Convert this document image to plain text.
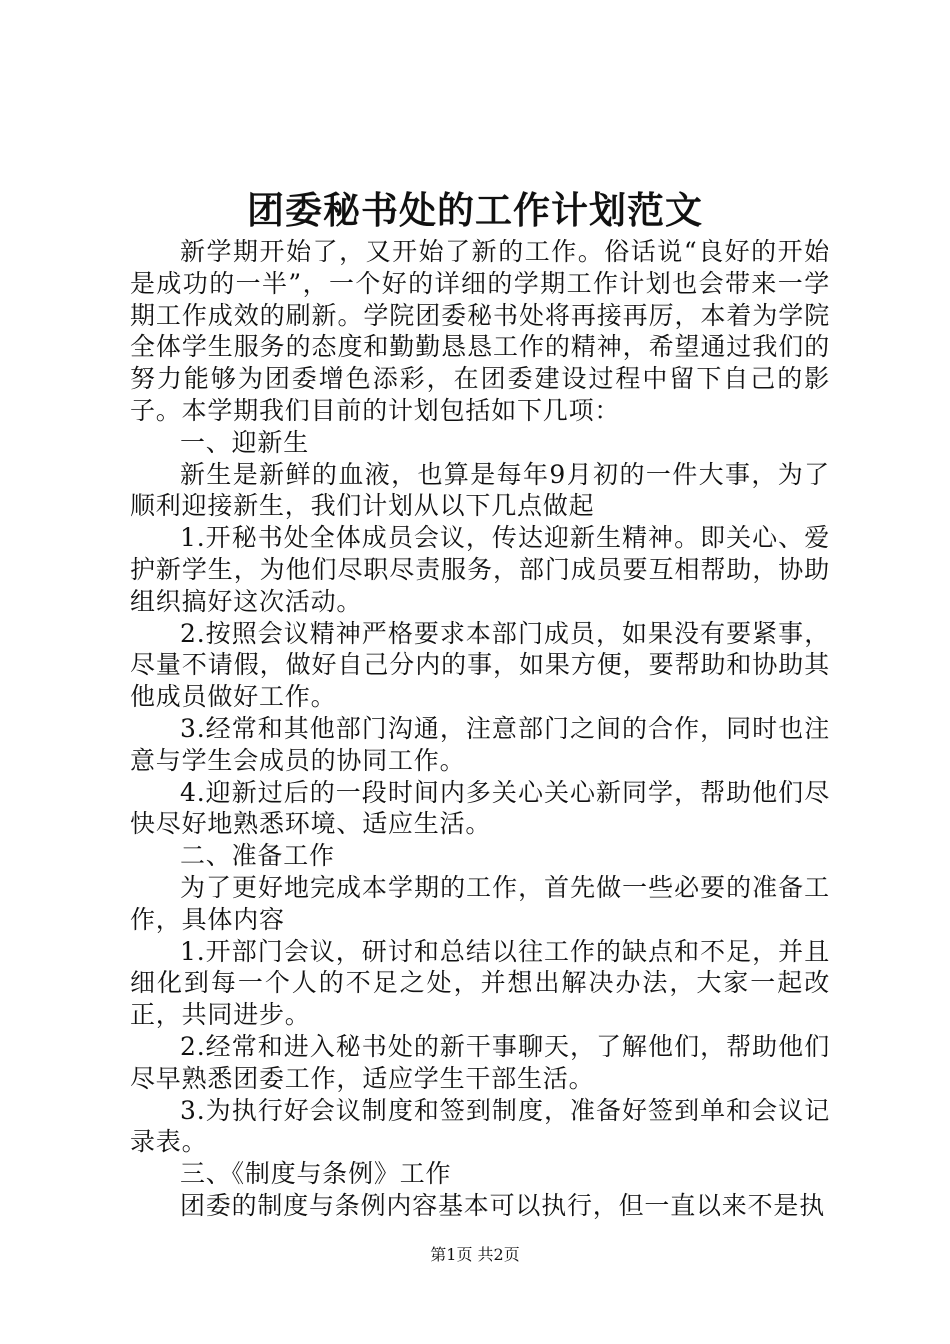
团委秘书处的工作计划范文

新学期开始了，又开始了新的工作。俗话说“良好的开始是成功的一半”，一个好的详细的学期工作计划也会带来一学期工作成效的刷新。学院团委秘书处将再接再厉，本着为学院全体学生服务的态度和勤勤恳恳工作的精神，希望通过我们的努力能够为团委增色添彩，在团委建设过程中留下自己的影子。本学期我们目前的计划包括如下几项：

一、迎新生

新生是新鲜的血液，也算是每年9月初的一件大事，为了顺利迎接新生，我们计划从以下几点做起

1.开秘书处全体成员会议，传达迎新生精神。即关心、爱护新学生，为他们尽职尽责服务，部门成员要互相帮助，协助组织搞好这次活动。

2.按照会议精神严格要求本部门成员，如果没有要紧事，尽量不请假，做好自己分内的事，如果方便，要帮助和协助其他成员做好工作。

3.经常和其他部门沟通，注意部门之间的合作，同时也注意与学生会成员的协同工作。

4.迎新过后的一段时间内多关心关心新同学，帮助他们尽快尽好地熟悉环境、适应生活。

二、准备工作

为了更好地完成本学期的工作，首先做一些必要的准备工作，具体内容

1.开部门会议，研讨和总结以往工作的缺点和不足，并且细化到每一个人的不足之处，并想出解决办法，大家一起改正，共同进步。

2.经常和进入秘书处的新干事聊天，了解他们，帮助他们尽早熟悉团委工作，适应学生干部生活。

3.为执行好会议制度和签到制度，准备好签到单和会议记录表。

三、《制度与条例》工作

团委的制度与条例内容基本可以执行，但一直以来不是执

第1页 共2页
